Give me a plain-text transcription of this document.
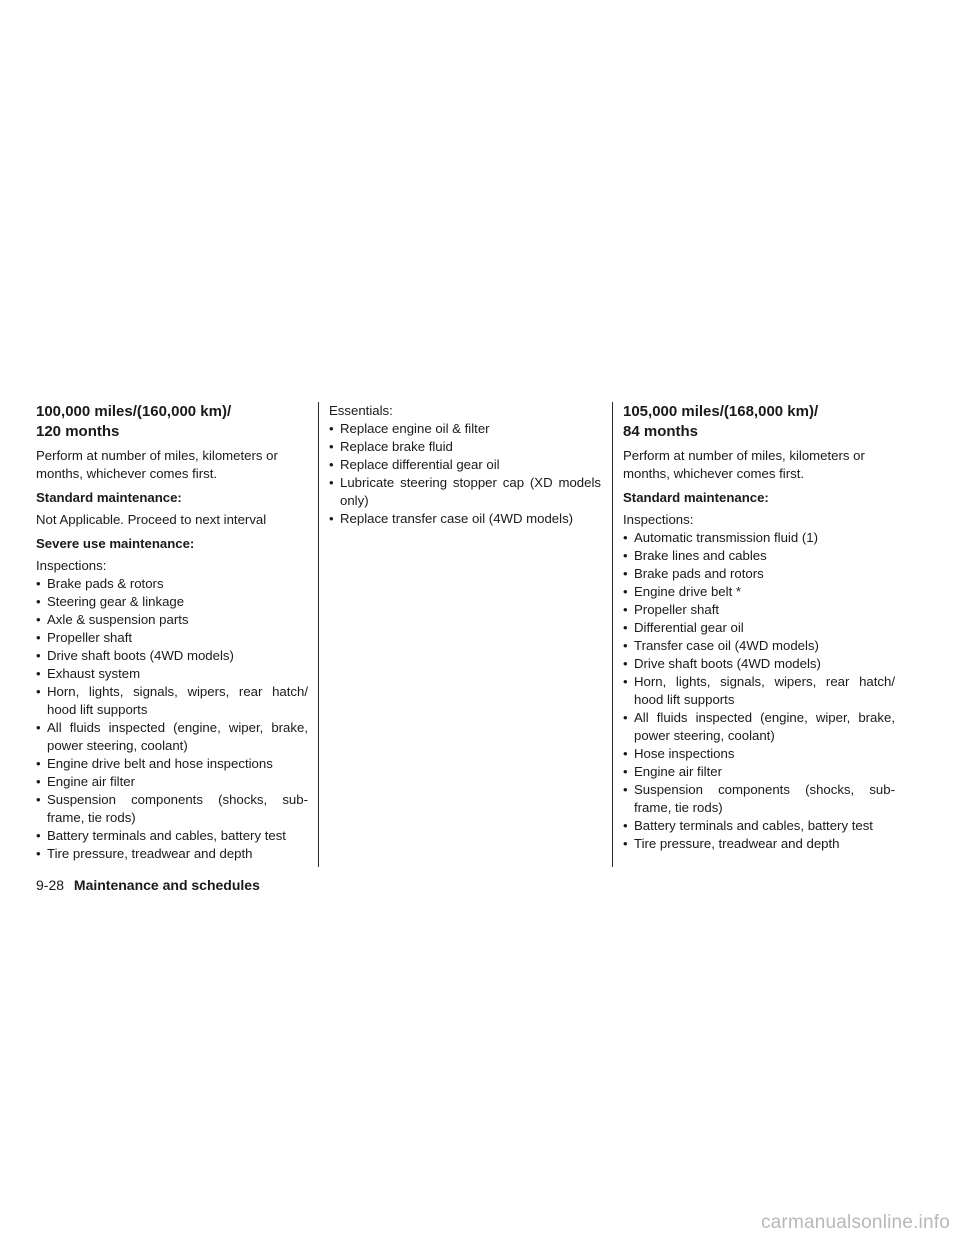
100,000 miles/(160,000 km)/
120 months

Perform at number of miles, kilometers or months, whichever comes first.

Standard maintenance:

Not Applicable. Proceed to next interval

Severe use maintenance:

Inspections:

• Brake pads & rotors
• Steering gear & linkage
• Axle & suspension parts
• Propeller shaft
• Drive shaft boots (4WD models)
• Exhaust system
• Horn, lights, signals, wipers, rear hatch/ hood lift supports
• All fluids inspected (engine, wiper, brake, power steering, coolant)
• Engine drive belt and hose inspections
• Engine air filter
• Suspension components (shocks, sub-frame, tie rods)
• Battery terminals and cables, battery test
• Tire pressure, treadwear and depth

Essentials:

• Replace engine oil & filter
• Replace brake fluid
• Replace differential gear oil
• Lubricate steering stopper cap (XD models only)
• Replace transfer case oil (4WD models)
105,000 miles/(168,000 km)/
84 months

Perform at number of miles, kilometers or months, whichever comes first.

Standard maintenance:

Inspections:

• Automatic transmission fluid (1)
• Brake lines and cables
• Brake pads and rotors
• Engine drive belt *
• Propeller shaft
• Differential gear oil
• Transfer case oil (4WD models)
• Drive shaft boots (4WD models)
• Horn, lights, signals, wipers, rear hatch/ hood lift supports
• All fluids inspected (engine, wiper, brake, power steering, coolant)
• Hose inspections
• Engine air filter
• Suspension components (shocks, sub-frame, tie rods)
• Battery terminals and cables, battery test
• Tire pressure, treadwear and depth
9-28 Maintenance and schedules
carmanualsonline.info
